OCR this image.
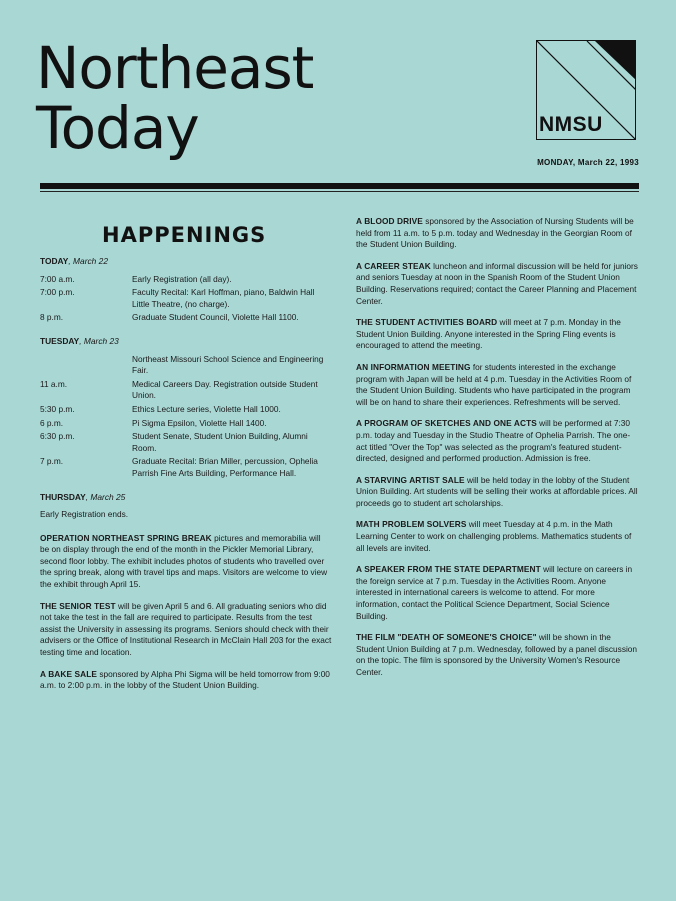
Northeast
Today	NMSU
MONDAY, March 22, 1993
HAPPENINGS
TODAY, March 22
7:00 a.m.	Early Registration (all day).
7:00 p.m.	Faculty Recital: Karl Hoffman, piano, Baldwin Hall Little Theatre, (no charge).
8 p.m.	Graduate Student Council, Violette Hall 1100.
TUESDAY, March 23
	Northeast Missouri School Science and Engineering Fair.
11 a.m.	Medical Careers Day. Registration outside Student Union.
5:30 p.m.	Ethics Lecture series, Violette Hall 1000.
6 p.m.	Pi Sigma Epsilon, Violette Hall 1400.
6:30 p.m.	Student Senate, Student Union Building, Alumni Room.
7 p.m.	Graduate Recital: Brian Miller, percussion, Ophelia Parrish Fine Arts Building, Performance Hall.
THURSDAY, March 25
Early Registration ends.

OPERATION NORTHEAST SPRING BREAK pictures and memorabilia will be on display through the end of the month in the Pickler Memorial Library, second floor lobby. The exhibit includes photos of students who travelled over the spring break, along with travel tips and maps. Visitors are welcome to view the exhibit through April 15.

THE SENIOR TEST will be given April 5 and 6. All graduating seniors who did not take the test in the fall are required to participate. Results from the test assist the University in assessing its programs. Seniors should check with their advisers or the Office of Institutional Research in McClain Hall 203 for the exact testing time and location.

A BAKE SALE sponsored by Alpha Phi Sigma will be held tomorrow from 9:00 a.m. to 2:00 p.m. in the lobby of the Student Union Building.

A BLOOD DRIVE sponsored by the Association of Nursing Students will be held from 11 a.m. to 5 p.m. today and Wednesday in the Georgian Room of the Student Union Building.

A CAREER STEAK luncheon and informal discussion will be held for juniors and seniors Tuesday at noon in the Spanish Room of the Student Union Building. Reservations required; contact the Career Planning and Placement Center.

THE STUDENT ACTIVITIES BOARD will meet at 7 p.m. Monday in the Student Union Building. Anyone interested in the Spring Fling events is encouraged to attend the meeting.

AN INFORMATION MEETING for students interested in the exchange program with Japan will be held at 4 p.m. Tuesday in the Activities Room of the Student Union Building. Students who have participated in the program will be on hand to share their experiences. Refreshments will be served.

A PROGRAM OF SKETCHES AND ONE ACTS will be performed at 7:30 p.m. today and Tuesday in the Studio Theatre of Ophelia Parrish. The one-act titled "Over the Top" was selected as the program's featured student-directed, designed and performed production. Admission is free.

A STARVING ARTIST SALE will be held today in the lobby of the Student Union Building. Art students will be selling their works at affordable prices. All proceeds go to student art scholarships.

MATH PROBLEM SOLVERS will meet Tuesday at 4 p.m. in the Math Learning Center to work on challenging problems. Mathematics students of all levels are invited.

A SPEAKER FROM THE STATE DEPARTMENT will lecture on careers in the foreign service at 7 p.m. Tuesday in the Activities Room. Anyone interested in international careers is welcome to attend. For more information, contact the Political Science Department, Social Science Building.

THE FILM "DEATH OF SOMEONE'S CHOICE" will be shown in the Student Union Building at 7 p.m. Wednesday, followed by a panel discussion on the topic. The film is sponsored by the University Women's Resource Center.
